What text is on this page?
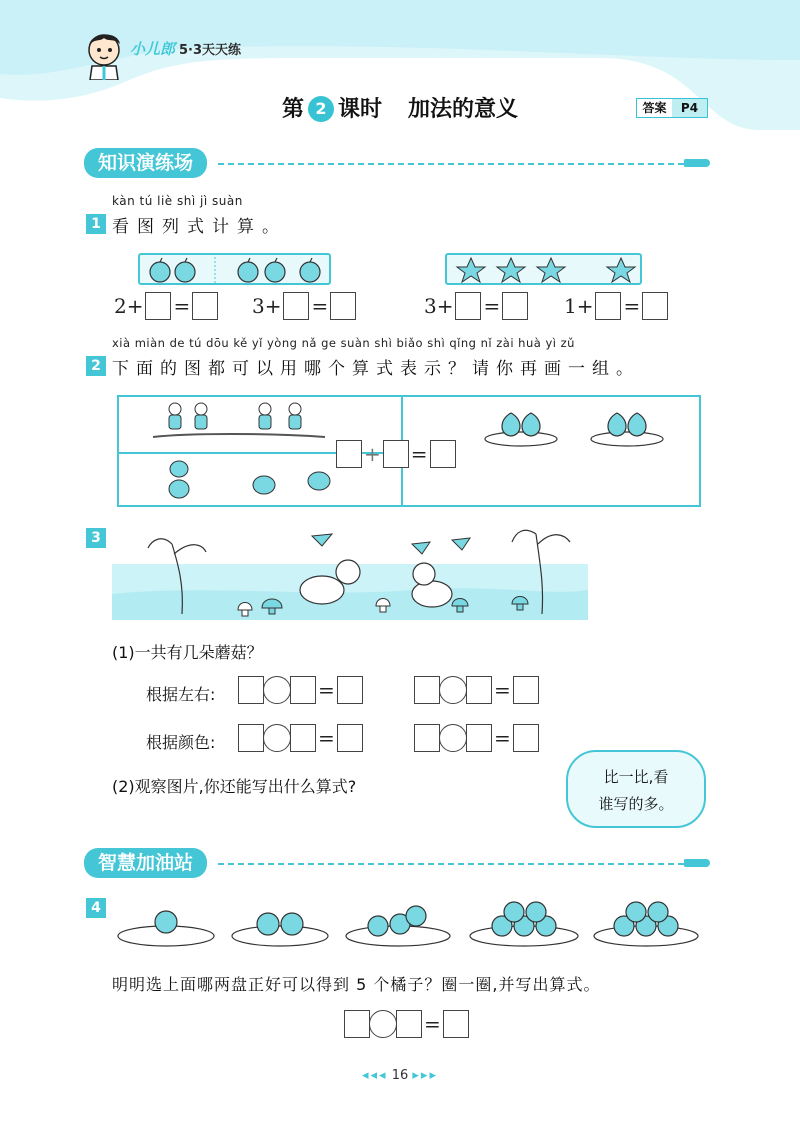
小儿郎 5·3天天练
第 2 课时 加法的意义	答案	P4
知识演练场
kàn tú liè shì jì suàn
1 看图列式计算。
2+ =	3+ =	3+ =	1+ =
xià miàn de tú dōu kě yǐ yòng nǎ ge suàn shì biǎo shì qǐng nǐ zài huà yì zǔ
2 下面的图都可以用哪个算式表示？请你再画一组。
+ =
3
(1)一共有几朵蘑菇？
根据左右:	=	=
根据颜色:	=	=
(2)观察图片,你还能写出什么算式?	比一比,看
谁写的多。
智慧加油站
4
明明选上面哪两盘正好可以得到 5 个橘子？圈一圈,并写出算式。
=
◂◂◂ 16 ▸▸▸
